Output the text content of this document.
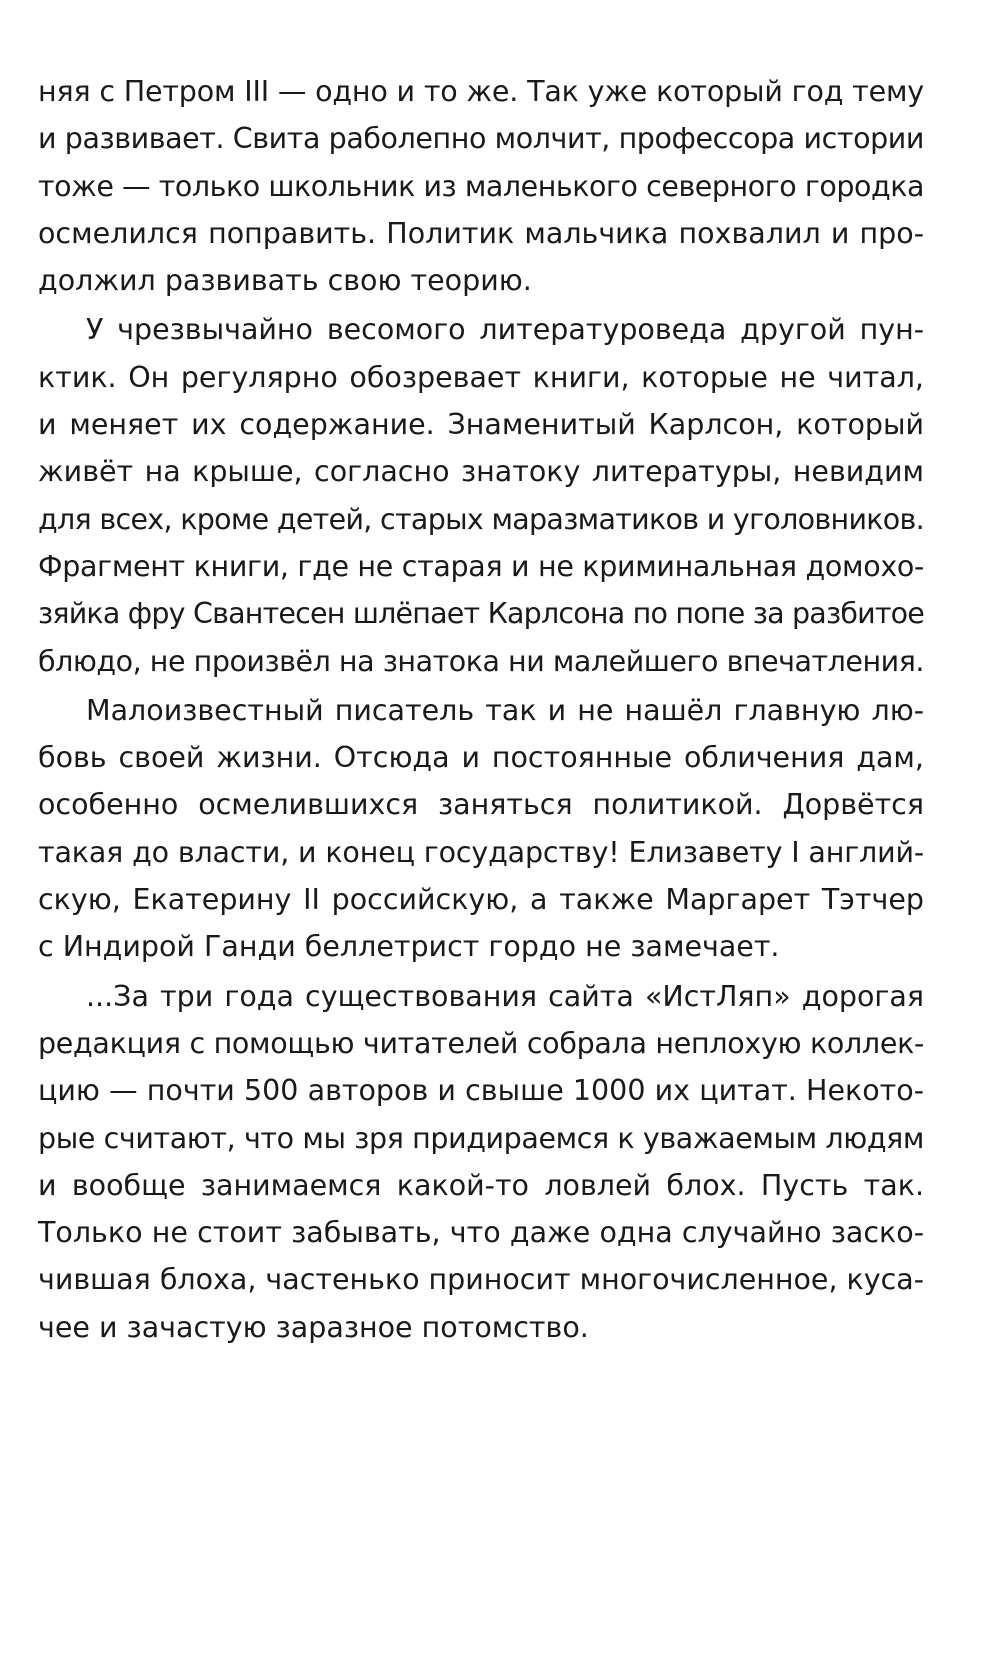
няя с Петром III — одно и то же. Так уже который год тему
и развивает. Свита раболепно молчит, профессора истории
тоже — только школьник из маленького северного городка
осмелился поправить. Политик мальчика похвалил и про-
должил развивать свою теорию.
У чрезвычайно весомого литературоведа другой пун-
ктик. Он регулярно обозревает книги, которые не читал,
и меняет их содержание. Знаменитый Карлсон, который
живёт на крыше, согласно знатоку литературы, невидим
для всех, кроме детей, старых маразматиков и уголовников.
Фрагмент книги, где не старая и не криминальная домохо-
зяйка фру Свантесен шлёпает Карлсона по попе за разбитое
блюдо, не произвёл на знатока ни малейшего впечатления.
Малоизвестный писатель так и не нашёл главную лю-
бовь своей жизни. Отсюда и постоянные обличения дам,
особенно осмелившихся заняться политикой. Дорвётся
такая до власти, и конец государству! Елизавету I англий-
скую, Екатерину II российскую, а также Маргарет Тэтчер
с Индирой Ганди беллетрист гордо не замечает.
...За три года существования сайта «ИстЛяп» дорогая
редакция с помощью читателей собрала неплохую коллек-
цию — почти 500 авторов и свыше 1000 их цитат. Некото-
рые считают, что мы зря придираемся к уважаемым людям
и вообще занимаемся какой-то ловлей блох. Пусть так.
Только не стоит забывать, что даже одна случайно заско-
чившая блоха, частенько приносит многочисленное, куса-
чее и зачастую заразное потомство.
